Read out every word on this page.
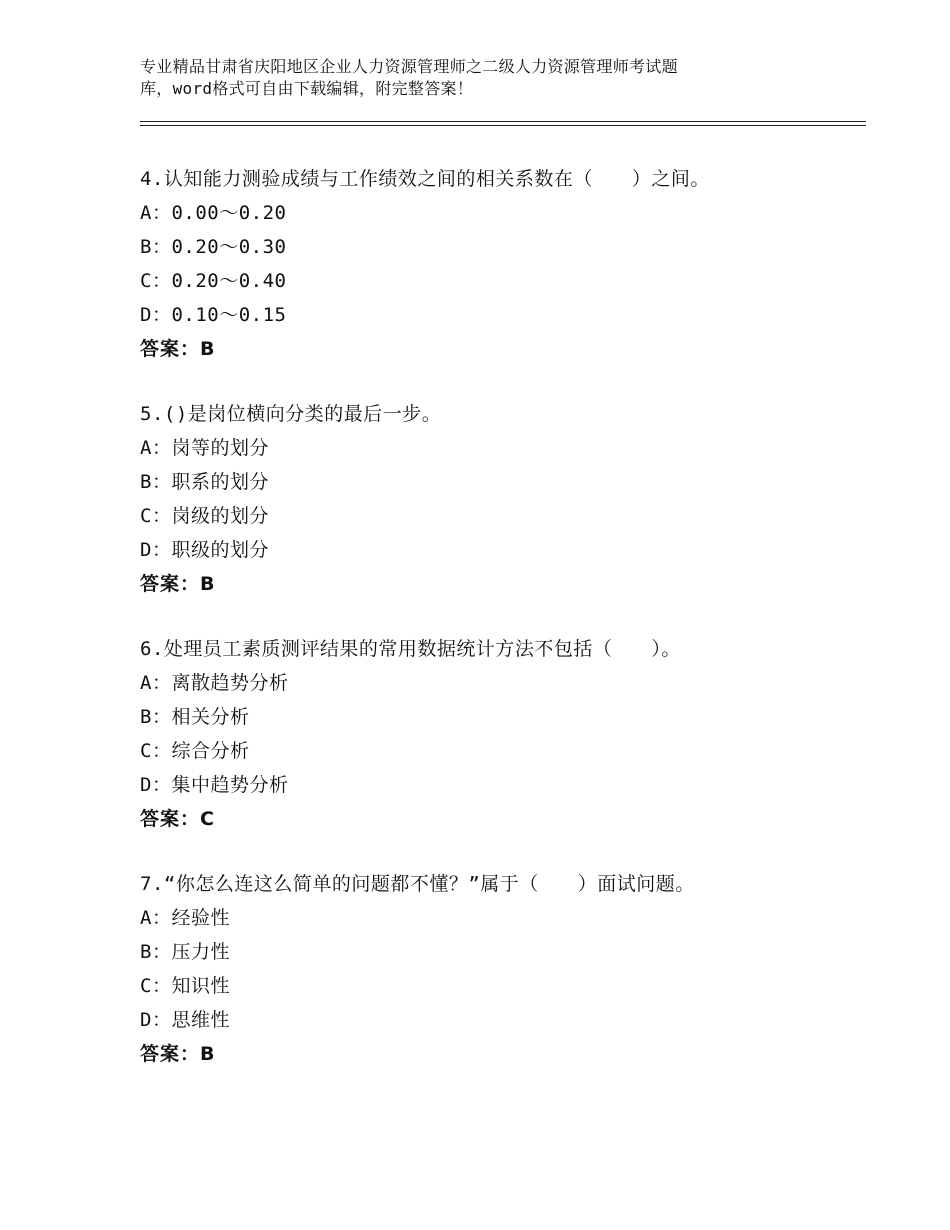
专业精品甘肃省庆阳地区企业人力资源管理师之二级人力资源管理师考试题
库，word格式可自由下载编辑，附完整答案！
4.认知能力测验成绩与工作绩效之间的相关系数在（　　）之间。
A：0.00～0.20
B：0.20～0.30
C：0.20～0.40
D：0.10～0.15
答案：B
5.()是岗位横向分类的最后一步。
A：岗等的划分
B：职系的划分
C：岗级的划分
D：职级的划分
答案：B
6.处理员工素质测评结果的常用数据统计方法不包括（　　）。
A：离散趋势分析
B：相关分析
C：综合分析
D：集中趋势分析
答案：C
7.“你怎么连这么简单的问题都不懂？”属于（　　）面试问题。
A：经验性
B：压力性
C：知识性
D：思维性
答案：B
